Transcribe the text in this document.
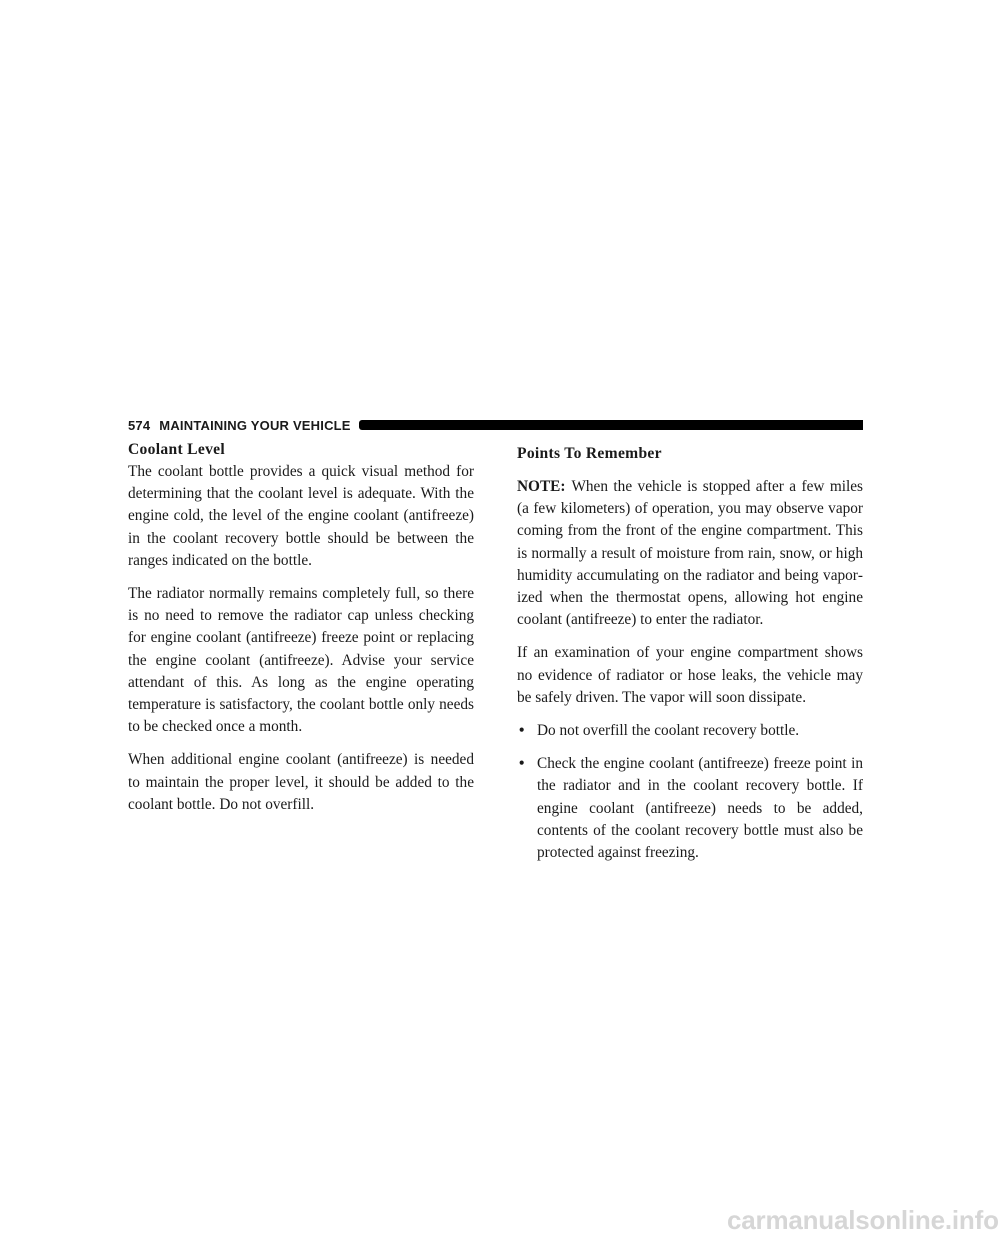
574 MAINTAINING YOUR VEHICLE
Coolant Level

The coolant bottle provides a quick visual method for determining that the coolant level is adequate. With the engine cold, the level of the engine coolant (antifreeze) in the coolant recovery bottle should be between the ranges indicated on the bottle.

The radiator normally remains completely full, so there is no need to remove the radiator cap unless checking for engine coolant (antifreeze) freeze point or replacing the engine coolant (antifreeze). Advise your service attendant of this. As long as the engine operating temperature is satisfactory, the coolant bottle only needs to be checked once a month.

When additional engine coolant (antifreeze) is needed to maintain the proper level, it should be added to the coolant bottle. Do not overfill.

Points To Remember

NOTE: When the vehicle is stopped after a few miles (a few kilometers) of operation, you may observe vapor coming from the front of the engine compartment. This is normally a result of moisture from rain, snow, or high humidity accumulating on the radiator and being vaporized when the thermostat opens, allowing hot engine coolant (antifreeze) to enter the radiator.

If an examination of your engine compartment shows no evidence of radiator or hose leaks, the vehicle may be safely driven. The vapor will soon dissipate.

• Do not overfill the coolant recovery bottle.
• Check the engine coolant (antifreeze) freeze point in the radiator and in the coolant recovery bottle. If engine coolant (antifreeze) needs to be added, contents of the coolant recovery bottle must also be protected against freezing.
carmanualsonline.info
